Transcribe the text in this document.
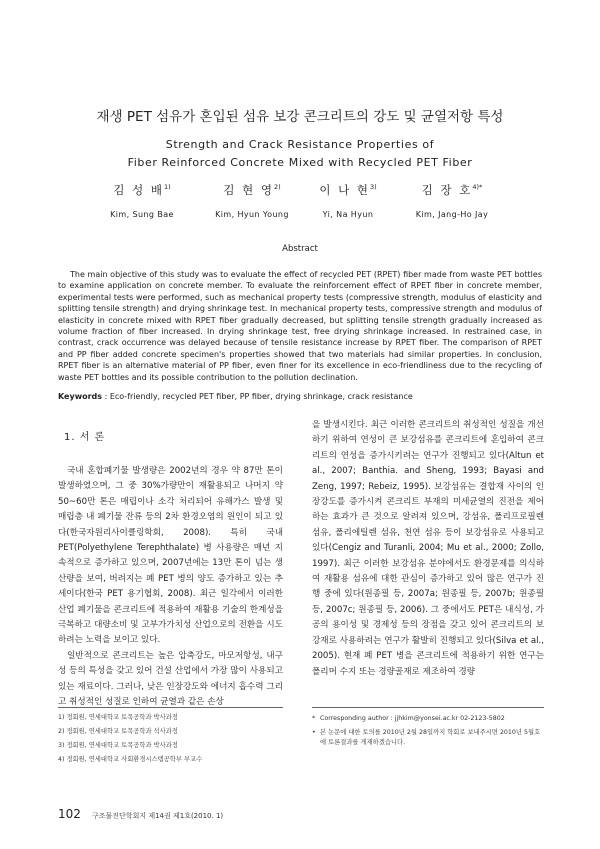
재생 PET 섬유가 혼입된 섬유 보강 콘크리트의 강도 및 균열저항 특성
Strength and Crack Resistance Properties of
Fiber Reinforced Concrete Mixed with Recycled PET Fiber
김 성 배$^{1)}$
Kim, Sung Bae
김 현 영$^{2)}$
Kim, Hyun Young
이 나 현$^{3)}$
Yi, Na Hyun
김 장 호$^{4)*}$
Kim, Jang-Ho Jay
Abstract

The main objective of this study was to evaluate the effect of recycled PET (RPET) fiber made from waste PET bottles to examine application on concrete member. To evaluate the reinforcement effect of RPET fiber in concrete member, experimental tests were performed, such as mechanical property tests (compressive strength, modulus of elasticity and splitting tensile strength) and drying shrinkage test. In mechanical property tests, compressive strength and modulus of elasticity in concrete mixed with RPET fiber gradually decreased, but splitting tensile strength gradually increased as volume fraction of fiber increased. In drying shrinkage test, free drying shrinkage increased. In restrained case, in contrast, crack occurrence was delayed because of tensile resistance increase by RPET fiber. The comparison of RPET and PP fiber added concrete specimen's properties showed that two materials had similar properties. In conclusion, RPET fiber is an alternative material of PP fiber, even finer for its excellence in eco-friendliness due to the recycling of waste PET bottles and its possible contribution to the pollution declination.

Keywords : Eco-friendly, recycled PET fiber, PP fiber, drying shrinkage, crack resistance
1. 서 론

국내 혼합폐기물 발생량은 2002년의 경우 약 87만 톤이 발생하였으며, 그 중 30%가량만이 재활용되고 나머지 약 50~60만 톤은 매립이나 소각 처리되어 유해가스 발생 및 매립층 내 폐기물 잔류 등의 2차 환경오염의 원인이 되고 있다(한국자원리사이클링학회, 2008). 특히 국내 PET(Polyethylene Terephthalate) 병 사용량은 매년 지속적으로 증가하고 있으며, 2007년에는 13만 톤이 넘는 생산량을 보여, 버려지는 폐 PET 병의 양도 증가하고 있는 추세이다(한국 PET 용기협회, 2008). 최근 일각에서 이러한 산업 폐기물을 콘크리트에 적용하여 재활용 기술의 한계성을 극복하고 대량소비 및 고부가가치성 산업으로의 전환을 시도하려는 노력을 보이고 있다.

일반적으로 콘크리트는 높은 압축강도, 마모저항성, 내구성 등의 특성을 갖고 있어 건설 산업에서 가장 많이 사용되고 있는 재료이다. 그러나, 낮은 인장강도와 에너지 흡수력 그리고 취성적인 성질로 인하여 균열과 같은 손상

을 발생시킨다. 최근 이러한 콘크리트의 취성적인 성질을 개선하기 위하여 연성이 큰 보강섬유를 콘크리트에 혼입하여 콘크리트의 연성을 증가시키려는 연구가 진행되고 있다(Altun et al., 2007; Banthia. and Sheng, 1993; Bayasi and Zeng, 1997; Rebeiz, 1995). 보강섬유는 결합재 사이의 인장강도를 증가시켜 콘크리트 부재의 미세균열의 진전을 제어하는 효과가 큰 것으로 알려져 있으며, 강섬유, 폴리프로필렌 섬유, 폴리에틸렌 섬유, 천연 섬유 등이 보강섬유로 사용되고 있다(Cengiz and Turanli, 2004; Mu et al., 2000; Zollo, 1997). 최근 이러한 보강섬유 분야에서도 환경문제를 의식하여 재활용 섬유에 대한 관심이 증가하고 있어 많은 연구가 진행 중에 있다(원종필 등, 2007a; 원종필 등, 2007b; 원종필 등, 2007c; 원종필 등, 2006). 그 중에서도 PET은 내식성, 가공의 용이성 및 경제성 등의 장점을 갖고 있어 콘크리트의 보강재로 사용하려는 연구가 활발히 진행되고 있다(Silva et al., 2005). 현재 폐 PET 병을 콘크리트에 적용하기 위한 연구는 폴리머 수지 또는 경량골재로 제조하여 경량

1) 정회원, 연세대학교 토목공학과 박사과정
2) 정회원, 연세대학교 토목공학과 석사과정
3) 정회원, 연세대학교 토목공학과 박사과정
4) 정회원, 연세대학교 사회환경시스템공학부 부교수
* Corresponding author : jjhkim@yonsei.ac.kr 02-2123-5802
• 본 논문에 대한 토의를 2010년 2월 28일까지 학회로 보내주시면 2010년 5월호에 토론결과를 게재하겠습니다.
102 구조물진단학회지 제14권 제1호(2010. 1)
